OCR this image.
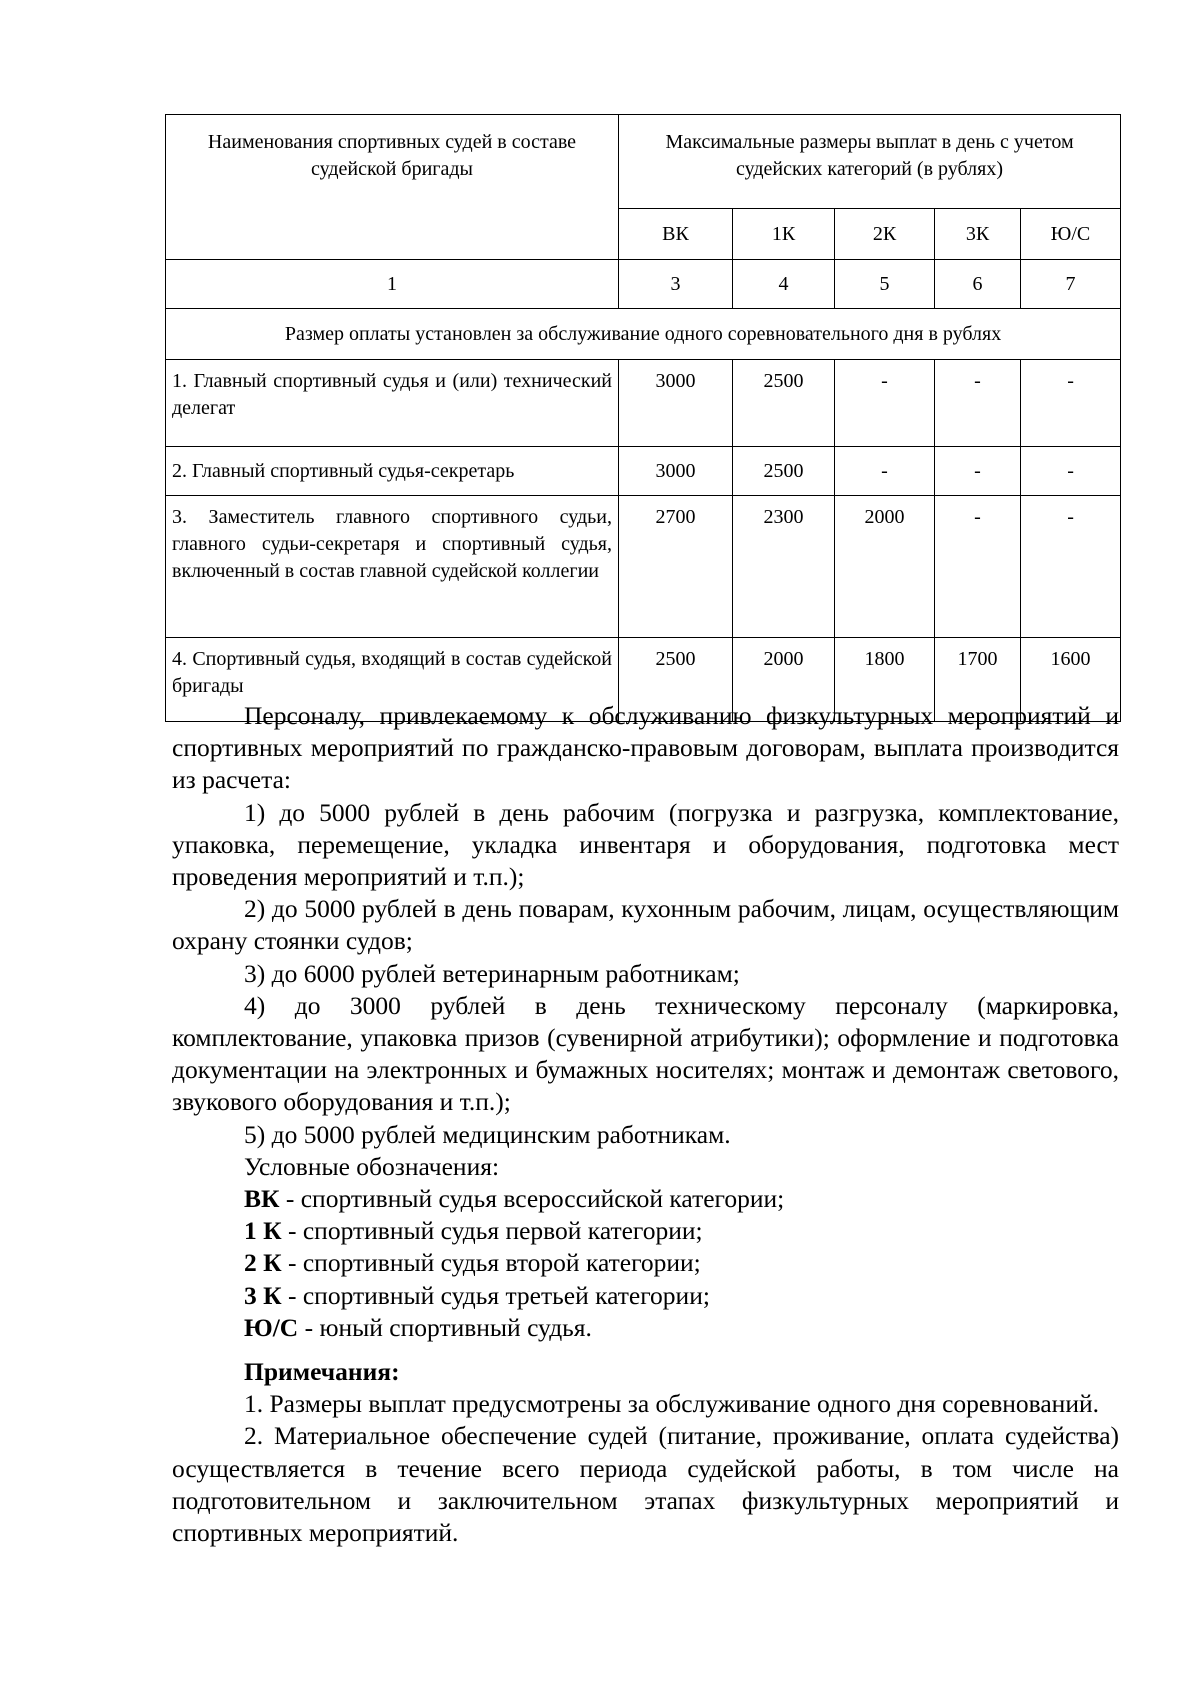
Наименования спортивных судей в составе судейской бригады	Максимальные размеры выплат в день с учетом судейских категорий (в рублях)				
	ВК	1К	2К	3К	Ю/С
1	3	4	5	6	7
Размер оплаты установлен за обслуживание одного соревновательного дня в рублях					
1. Главный спортивный судья и (или) технический делегат	3000	2500	-	-	-
2. Главный спортивный судья-секретарь	3000	2500	-	-	-
3. Заместитель главного спортивного судьи, главного судьи-секретаря и спортивный судья, включенный в состав главной судейской коллегии	2700	2300	2000	-	-
4. Спортивный судья, входящий в состав судейской бригады	2500	2000	1800	1700	1600

Персоналу, привлекаемому к обслуживанию физкультурных мероприятий и спортивных мероприятий по гражданско-правовым договорам, выплата производится из расчета:

1) до 5000 рублей в день рабочим (погрузка и разгрузка, комплектование, упаковка, перемещение, укладка инвентаря и оборудования, подготовка мест проведения мероприятий и т.п.);

2) до 5000 рублей в день поварам, кухонным рабочим, лицам, осуществляющим охрану стоянки судов;

3) до 6000 рублей ветеринарным работникам;

4) до 3000 рублей в день техническому персоналу (маркировка, комплектование, упаковка призов (сувенирной атрибутики); оформление и подготовка документации на электронных и бумажных носителях; монтаж и демонтаж светового, звукового оборудования и т.п.);

5) до 5000 рублей медицинским работникам.

Условные обозначения:

ВК - спортивный судья всероссийской категории;

1 К - спортивный судья первой категории;

2 К - спортивный судья второй категории;

3 К - спортивный судья третьей категории;

Ю/С - юный спортивный судья.

Примечания:

1. Размеры выплат предусмотрены за обслуживание одного дня соревнований.

2. Материальное обеспечение судей (питание, проживание, оплата судейства) осуществляется в течение всего периода судейской работы, в том числе на подготовительном и заключительном этапах физкультурных мероприятий и спортивных мероприятий.
